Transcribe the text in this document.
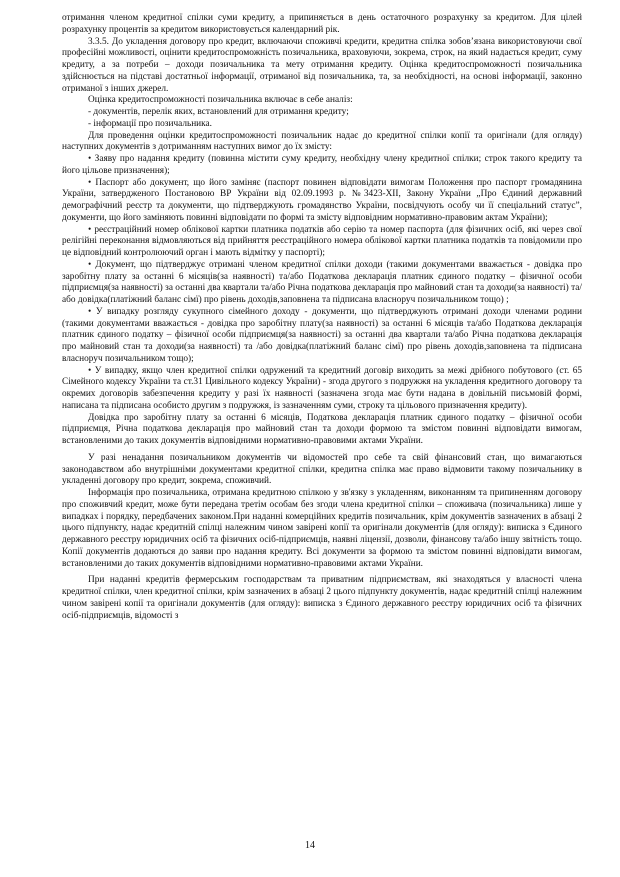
отримання членом кредитної спілки суми кредиту, а припиняється в день остаточного розрахунку за кредитом. Для цілей розрахунку процентів за кредитом використовується календарний рік.

3.3.5. До укладення договору про кредит, включаючи споживчі кредити, кредитна спілка зобов’язана використовуючи свої професійні можливості, оцінити кредитоспроможність позичальника, враховуючи, зокрема, строк, на який надається кредит, суму кредиту, а за потреби – доходи позичальника та мету отримання кредиту. Оцінка кредитоспроможності позичальника здійснюється на підставі достатньої інформації, отриманої від позичальника, та, за необхідності, на основі інформації, законно отриманої з інших джерел.

Оцінка кредитоспроможності позичальника включає в себе аналіз:

- документів, перелік яких, встановлений для отримання кредиту;

- інформації про позичальника.

Для проведення оцінки кредитоспроможності позичальник надає до кредитної спілки копії та оригінали (для огляду) наступних документів з дотриманням наступних вимог до їх змісту:

• Заяву про надання кредиту (повинна містити суму кредиту, необхідну члену кредитної спілки; строк такого кредиту та його цільове призначення);

• Паспорт або документ, що його заміняє (паспорт повинен відповідати вимогам Положення про паспорт громадянина України, затвердженого Постановою ВР України від 02.09.1993 р. №3423-XII, Закону України „Про Єдиний державний демографічний реєстр та документи, що підтверджують громадянство України, посвідчують особу чи її спеціальний статус”, документи, що його заміняють повинні відповідати по формі та змісту відповідним нормативно-правовим актам України);

• реєстраційний номер облікової картки платника податків або серію та номер паспорта (для фізичних осіб, які через свої релігійні переконання відмовляються від прийняття реєстраційного номера облікової картки платника податків та повідомили про це відповідний контролюючий орган і мають відмітку у паспорті);

• Документ, що підтверджує отримані членом кредитної спілки доходи (такими документами вважається - довідка про заробітну плату за останні 6 місяців(за наявності) та/або Податкова декларація платник єдиного податку – фізичної особи підприємця(за наявності) за останні два квартали та/або Річна податкова декларація про майновий стан та доходи(за наявності) та/або довідка(платіжний баланс сімї) про рівень доходів,заповнена та підписана власноруч позичальником тощо) ;

• У випадку розгляду сукупного сімейного доходу - документи, що підтверджують отримані доходи членами родини (такими документами вважається - довідка про заробітну плату(за наявності) за останні 6 місяців та/або Податкова декларація платник єдиного податку – фізичної особи підприємця(за наявності) за останні два квартали та/або Річна податкова декларація про майновий стан та доходи(за наявності) та /або довідка(платіжний баланс сімї) про рівень доходів,заповнена та підписана власноруч позичальником тощо);

• У випадку, якщо член кредитної спілки одружений та кредитний договір виходить за межі дрібного побутового (ст. 65 Сімейного кодексу України та ст.31 Цивільного кодексу України) - згода другого з подружжя на укладення кредитного договору та окремих договорів забезпечення кредиту у разі їх наявності (зазначена згода має бути надана в довільній письмовій формі, написана та підписана особисто другим з подружжя, із зазначенням суми, строку та цільового призначення кредиту).

Довідка про заробітну плату за останні 6 місяців, Податкова декларація платник єдиного податку – фізичної особи підприємця, Річна податкова декларація про майновий стан та доходи формою та змістом повинні відповідати вимогам, встановленими до таких документів відповідними нормативно-правовими актами України.

У разі ненадання позичальником документів чи відомостей про себе та свій фінансовий стан, що вимагаються законодавством або внутрішніми документами кредитної спілки, кредитна спілка має право відмовити такому позичальнику в укладенні договору про кредит, зокрема, споживчий.

Інформація про позичальника, отримана кредитною спілкою у зв'язку з укладенням, виконанням та припиненням договору про споживчий кредит, може бути передана третім особам без згоди члена кредитної спілки – споживача (позичальника) лише у випадках і порядку, передбачених законом.При наданні комерційних кредитів позичальник, крім документів зазначених в абзаці 2 цього підпункту, надає кредитній спілці належним чином завірені копії та оригінали документів (для огляду): виписка з Єдиного державного реєстру юридичних осіб та фізичних осіб-підприємців, наявні ліцензії, дозволи, фінансову та/або іншу звітність тощо. Копії документів додаються до заяви про надання кредиту. Всі документи за формою та змістом повинні відповідати вимогам, встановленими до таких документів відповідними нормативно-правовими актами України.

При наданні кредитів фермерським господарствам та приватним підприємствам, які знаходяться у власності члена кредитної спілки, член кредитної спілки, крім зазначених в абзаці 2 цього підпункту документів, надає кредитній спілці належним чином завірені копії та оригінали документів (для огляду): виписка з Єдиного державного реєстру юридичних осіб та фізичних осіб-підприємців, відомості з

14
